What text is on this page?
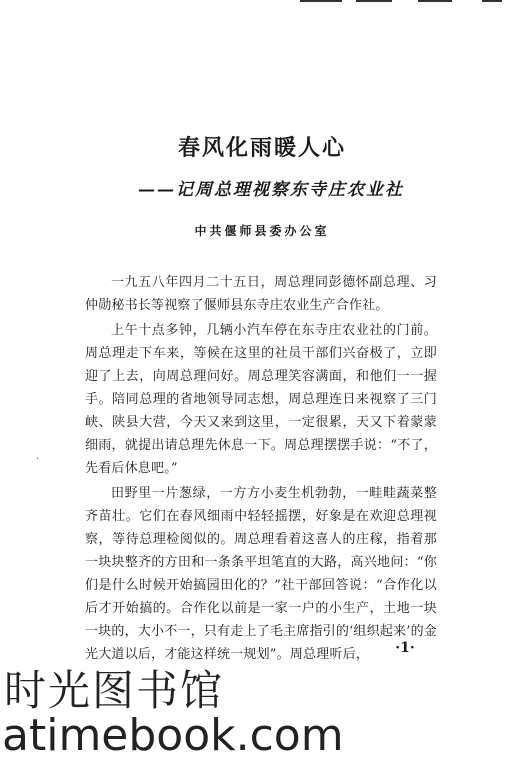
春风化雨暖人心
——记周总理视察东寺庄农业社
中共偃师县委办公室

一九五八年四月二十五日，周总理同彭德怀副总理、习仲勋秘书长等视察了偃师县东寺庄农业生产合作社。

上午十点多钟，几辆小汽车停在东寺庄农业社的门前。周总理走下车来，等候在这里的社员干部们兴奋极了，立即迎了上去，向周总理问好。周总理笑容满面，和他们一一握手。陪同总理的省地领导同志想，周总理连日来视察了三门峡、陕县大营，今天又来到这里，一定很累，天又下着蒙蒙细雨，就提出请总理先休息一下。周总理摆摆手说：“不了，先看后休息吧。”

田野里一片葱绿，一方方小麦生机勃勃，一畦畦蔬菜整齐苗壮。它们在春风细雨中轻轻摇摆，好象是在欢迎总理视察，等待总理检阅似的。周总理看着这喜人的庄稼，指着那一块块整齐的方田和一条条平坦笔直的大路，高兴地问：“你们是什么时候开始搞园田化的？”社干部回答说：“合作化以后才开始搞的。合作化以前是一家一户的小生产，土地一块一块的，大小不一，只有走上了毛主席指引的‘组织起来’的金光大道以后，才能这样统一规划”。周总理听后，

·
·1·
时光图书馆
atimebook.com
